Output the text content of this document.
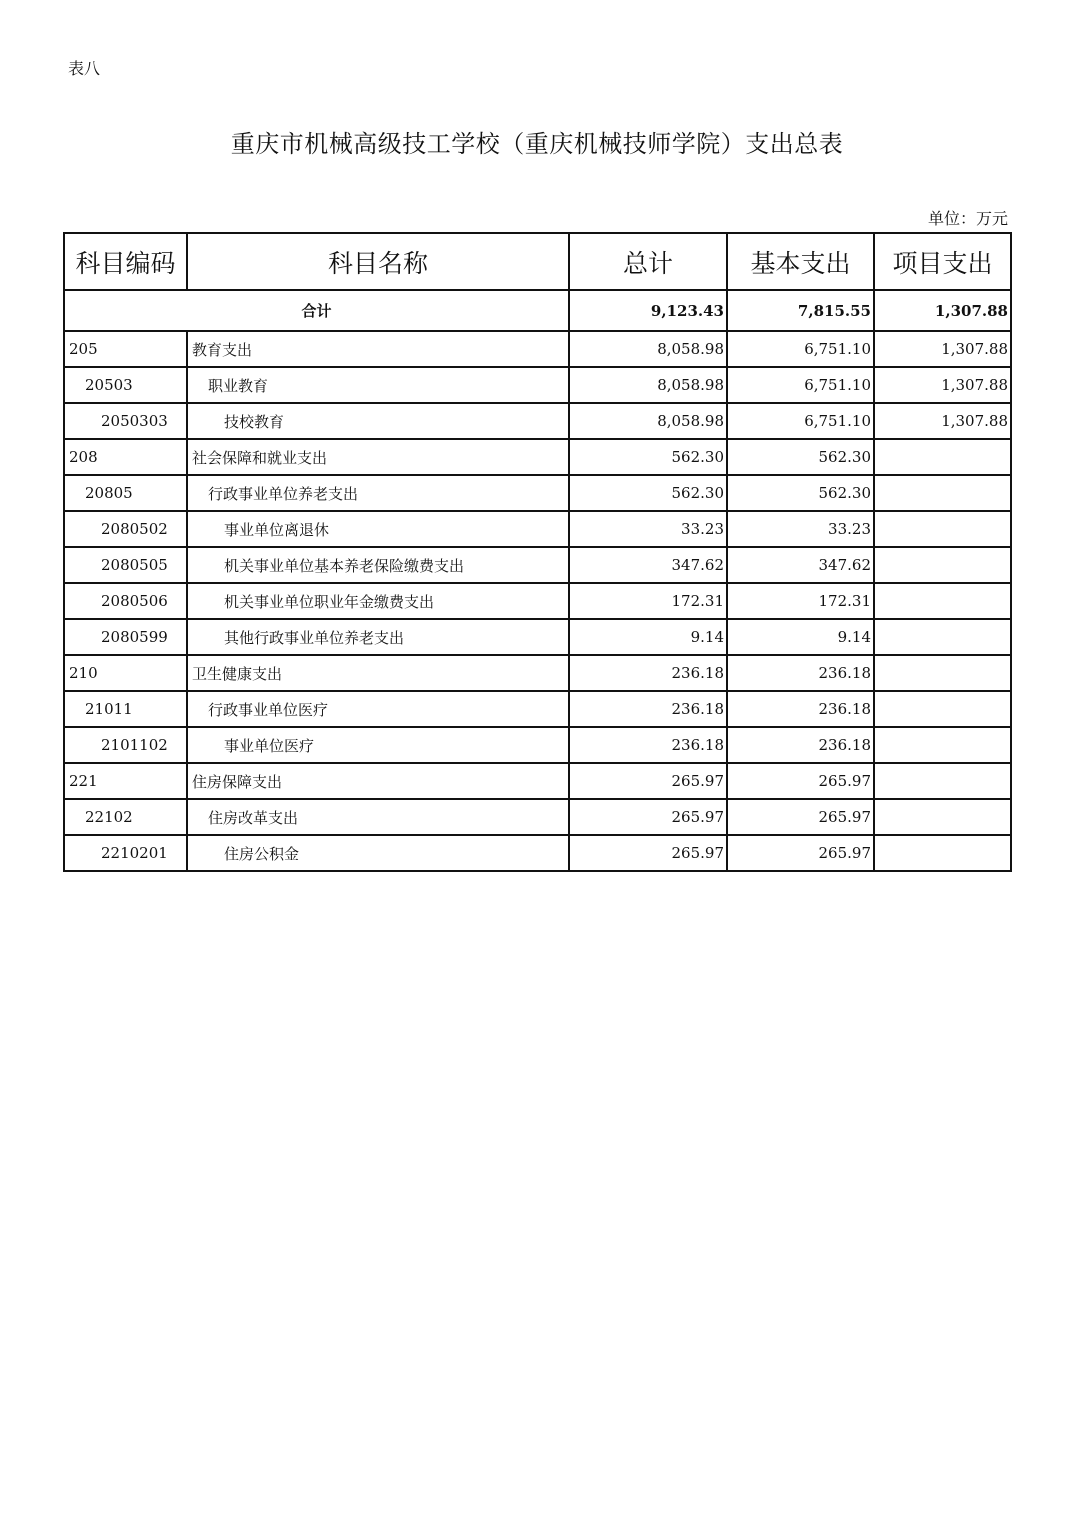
表八
重庆市机械高级技工学校（重庆机械技师学院）支出总表
单位：万元
科目编码	科目名称	总计	基本支出	项目支出
合计		9,123.43	7,815.55	1,307.88
205	教育支出	8,058.98	6,751.10	1,307.88
20503	职业教育	8,058.98	6,751.10	1,307.88
2050303	技校教育	8,058.98	6,751.10	1,307.88
208	社会保障和就业支出	562.30	562.30	
20805	行政事业单位养老支出	562.30	562.30	
2080502	事业单位离退休	33.23	33.23	
2080505	机关事业单位基本养老保险缴费支出	347.62	347.62	
2080506	机关事业单位职业年金缴费支出	172.31	172.31	
2080599	其他行政事业单位养老支出	9.14	9.14	
210	卫生健康支出	236.18	236.18	
21011	行政事业单位医疗	236.18	236.18	
2101102	事业单位医疗	236.18	236.18	
221	住房保障支出	265.97	265.97	
22102	住房改革支出	265.97	265.97	
2210201	住房公积金	265.97	265.97	
